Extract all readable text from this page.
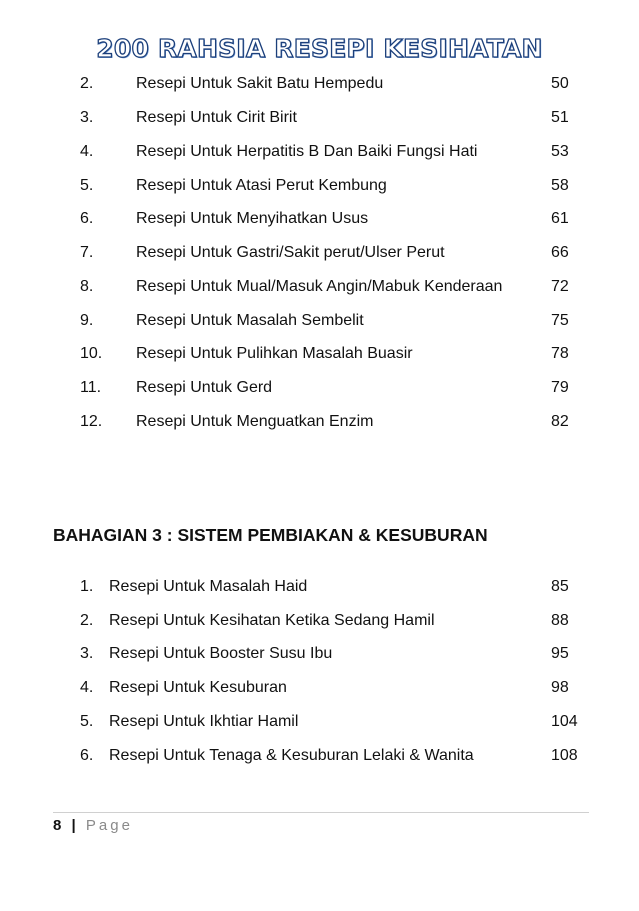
200 RAHSIA RESEPI KESIHATAN
2.	Resepi Untuk Sakit Batu Hempedu	50
3.	Resepi Untuk Cirit Birit	51
4.	Resepi Untuk Herpatitis B Dan Baiki Fungsi Hati	53
5.	Resepi Untuk Atasi Perut Kembung	58
6.	Resepi Untuk Menyihatkan Usus	61
7.	Resepi Untuk Gastri/Sakit perut/Ulser Perut	66
8.	Resepi Untuk Mual/Masuk Angin/Mabuk Kenderaan	72
9.	Resepi Untuk Masalah Sembelit	75
10. Resepi Untuk Pulihkan Masalah Buasir	78
11. Resepi Untuk Gerd	79
12. Resepi Untuk Menguatkan Enzim	82
BAHAGIAN 3 : SISTEM PEMBIAKAN & KESUBURAN
1. Resepi Untuk Masalah Haid	85
2. Resepi Untuk Kesihatan Ketika Sedang Hamil	88
3. Resepi Untuk Booster Susu Ibu	95
4. Resepi Untuk Kesuburan	98
5. Resepi Untuk Ikhtiar Hamil	104
6. Resepi Untuk Tenaga & Kesuburan Lelaki & Wanita	108
8 | Page
